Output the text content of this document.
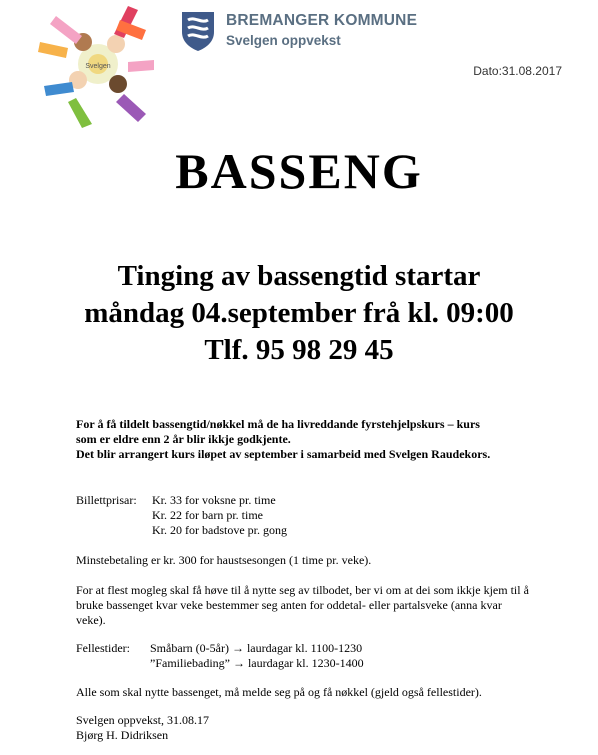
Svelgen
BREMANGER KOMMUNE
Svelgen oppvekst
Dato:31.08.2017
BASSENG
Tinging av bassengtid startar
måndag 04.september frå kl. 09:00
Tlf. 95 98 29 45
For å få tildelt bassengtid/nøkkel må de ha livreddande fyrstehjelpskurs – kurs
som er eldre enn 2 år blir ikkje godkjente.
Det blir arrangert kurs iløpet av september i samarbeid med Svelgen Raudekors.
Billettprisar: Kr. 33 for voksne pr. time
Kr. 22 for barn pr. time
Kr. 20 for badstove pr. gong
Minstebetaling er kr. 300 for haustsesongen (1 time pr. veke).
For at flest mogleg skal få høve til å nytte seg av tilbodet, ber vi om at dei som ikkje kjem til å
bruke bassenget kvar veke bestemmer seg anten for oddetal- eller partalsveke (anna kvar
veke).
Fellestider: Småbarn (0-5år) → laurdagar kl. 1100-1230
”Familiebading” → laurdagar kl. 1230-1400
Alle som skal nytte bassenget, må melde seg på og få nøkkel (gjeld også fellestider).
Svelgen oppvekst, 31.08.17
Bjørg H. Didriksen
